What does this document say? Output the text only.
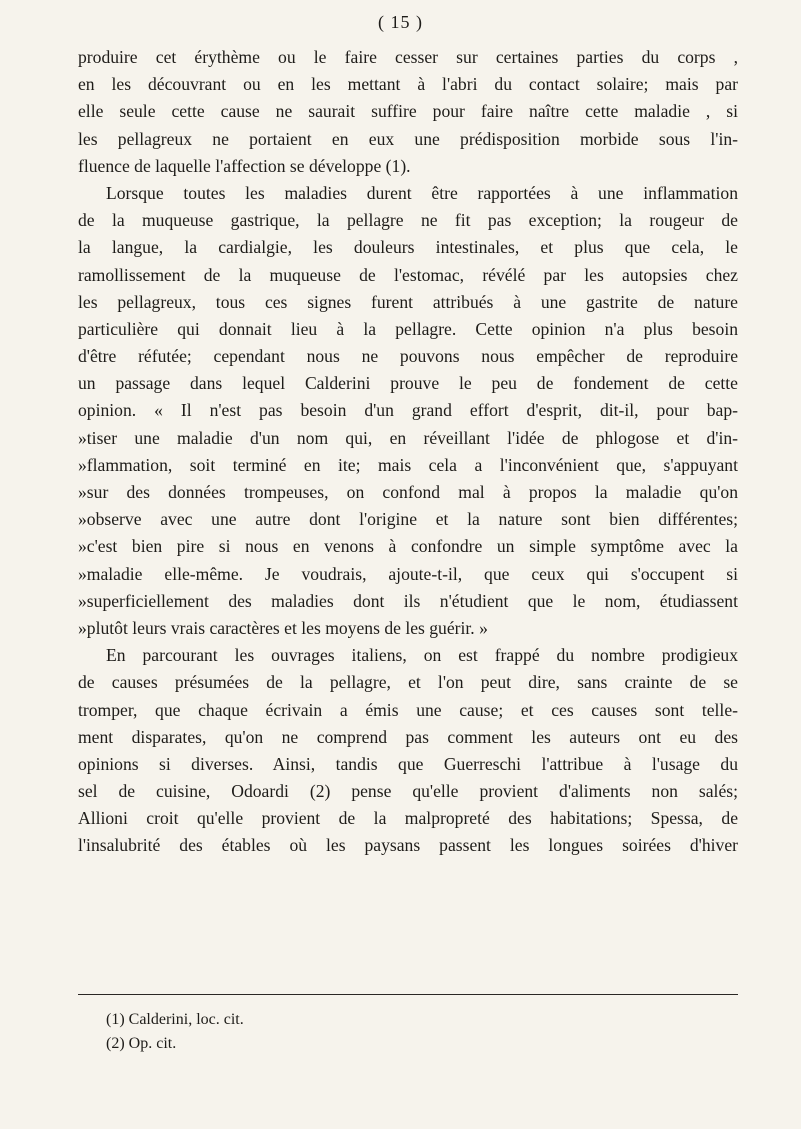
( 15 )
produire cet érythème ou le faire cesser sur certaines parties du corps ,
en les découvrant ou en les mettant à l'abri du contact solaire; mais par
elle seule cette cause ne saurait suffire pour faire naître cette maladie , si
les pellagreux ne portaient en eux une prédisposition morbide sous l'in-
fluence de laquelle l'affection se développe (1).
Lorsque toutes les maladies durent être rapportées à une inflammation
de la muqueuse gastrique, la pellagre ne fit pas exception; la rougeur de
la langue, la cardialgie, les douleurs intestinales, et plus que cela, le
ramollissement de la muqueuse de l'estomac, révélé par les autopsies chez
les pellagreux, tous ces signes furent attribués à une gastrite de nature
particulière qui donnait lieu à la pellagre. Cette opinion n'a plus besoin
d'être réfutée; cependant nous ne pouvons nous empêcher de reproduire
un passage dans lequel Calderini prouve le peu de fondement de cette
opinion. « Il n'est pas besoin d'un grand effort d'esprit, dit-il, pour bap-
»tiser une maladie d'un nom qui, en réveillant l'idée de phlogose et d'in-
»flammation, soit terminé en ite; mais cela a l'inconvénient que, s'appuyant
»sur des données trompeuses, on confond mal à propos la maladie qu'on
»observe avec une autre dont l'origine et la nature sont bien différentes;
»c'est bien pire si nous en venons à confondre un simple symptôme avec la
»maladie elle-même. Je voudrais, ajoute-t-il, que ceux qui s'occupent si
»superficiellement des maladies dont ils n'étudient que le nom, étudiassent
»plutôt leurs vrais caractères et les moyens de les guérir. »
En parcourant les ouvrages italiens, on est frappé du nombre prodigieux
de causes présumées de la pellagre, et l'on peut dire, sans crainte de se
tromper, que chaque écrivain a émis une cause; et ces causes sont telle-
ment disparates, qu'on ne comprend pas comment les auteurs ont eu des
opinions si diverses. Ainsi, tandis que Guerreschi l'attribue à l'usage du
sel de cuisine, Odoardi (2) pense qu'elle provient d'aliments non salés;
Allioni croit qu'elle provient de la malpropreté des habitations; Spessa, de
l'insalubrité des étables où les paysans passent les longues soirées d'hiver
(1) Calderini, loc. cit.
(2) Op. cit.
